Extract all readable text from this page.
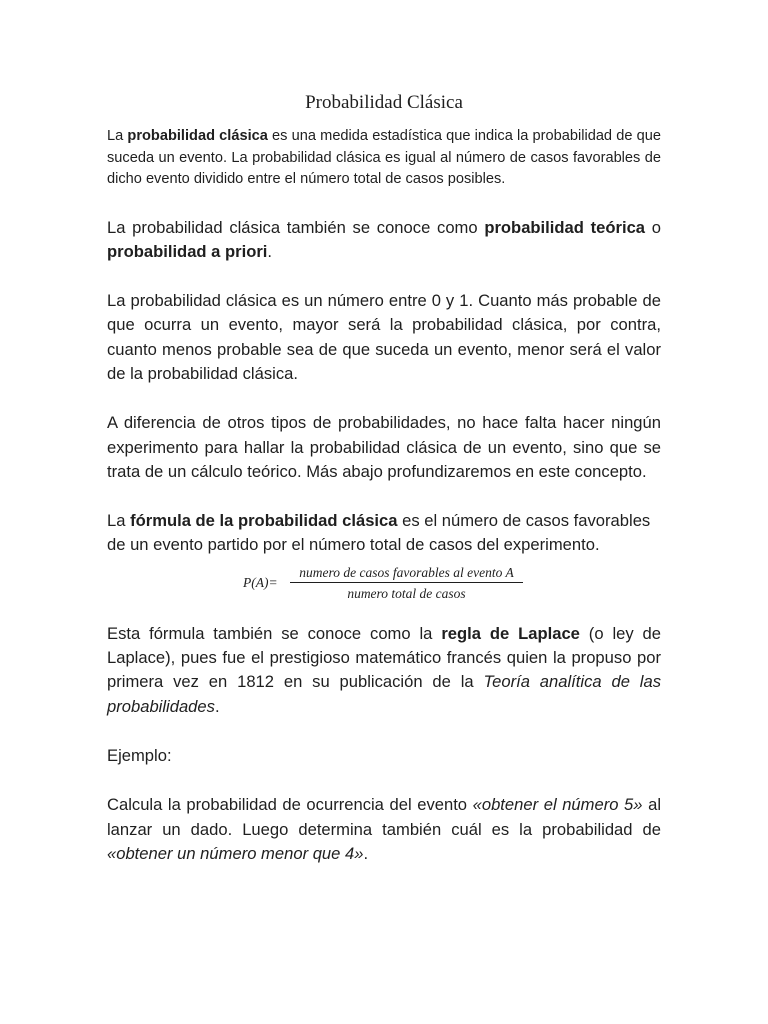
Probabilidad Clásica

La probabilidad clásica es una medida estadística que indica la probabilidad de que suceda un evento. La probabilidad clásica es igual al número de casos favorables de dicho evento dividido entre el número total de casos posibles.

La probabilidad clásica también se conoce como probabilidad teórica o probabilidad a priori.

La probabilidad clásica es un número entre 0 y 1. Cuanto más probable de que ocurra un evento, mayor será la probabilidad clásica, por contra, cuanto menos probable sea de que suceda un evento, menor será el valor de la probabilidad clásica.

A diferencia de otros tipos de probabilidades, no hace falta hacer ningún experimento para hallar la probabilidad clásica de un evento, sino que se trata de un cálculo teórico. Más abajo profundizaremos en este concepto.

La fórmula de la probabilidad clásica es el número de casos favorables de un evento partido por el número total de casos del experimento.

P(A)=
numero de casos favorables al evento A
numero total de casos

Esta fórmula también se conoce como la regla de Laplace (o ley de Laplace), pues fue el prestigioso matemático francés quien la propuso por primera vez en 1812 en su publicación de la Teoría analítica de las probabilidades.

Ejemplo:

Calcula la probabilidad de ocurrencia del evento «obtener el número 5» al lanzar un dado. Luego determina también cuál es la probabilidad de «obtener un número menor que 4».
